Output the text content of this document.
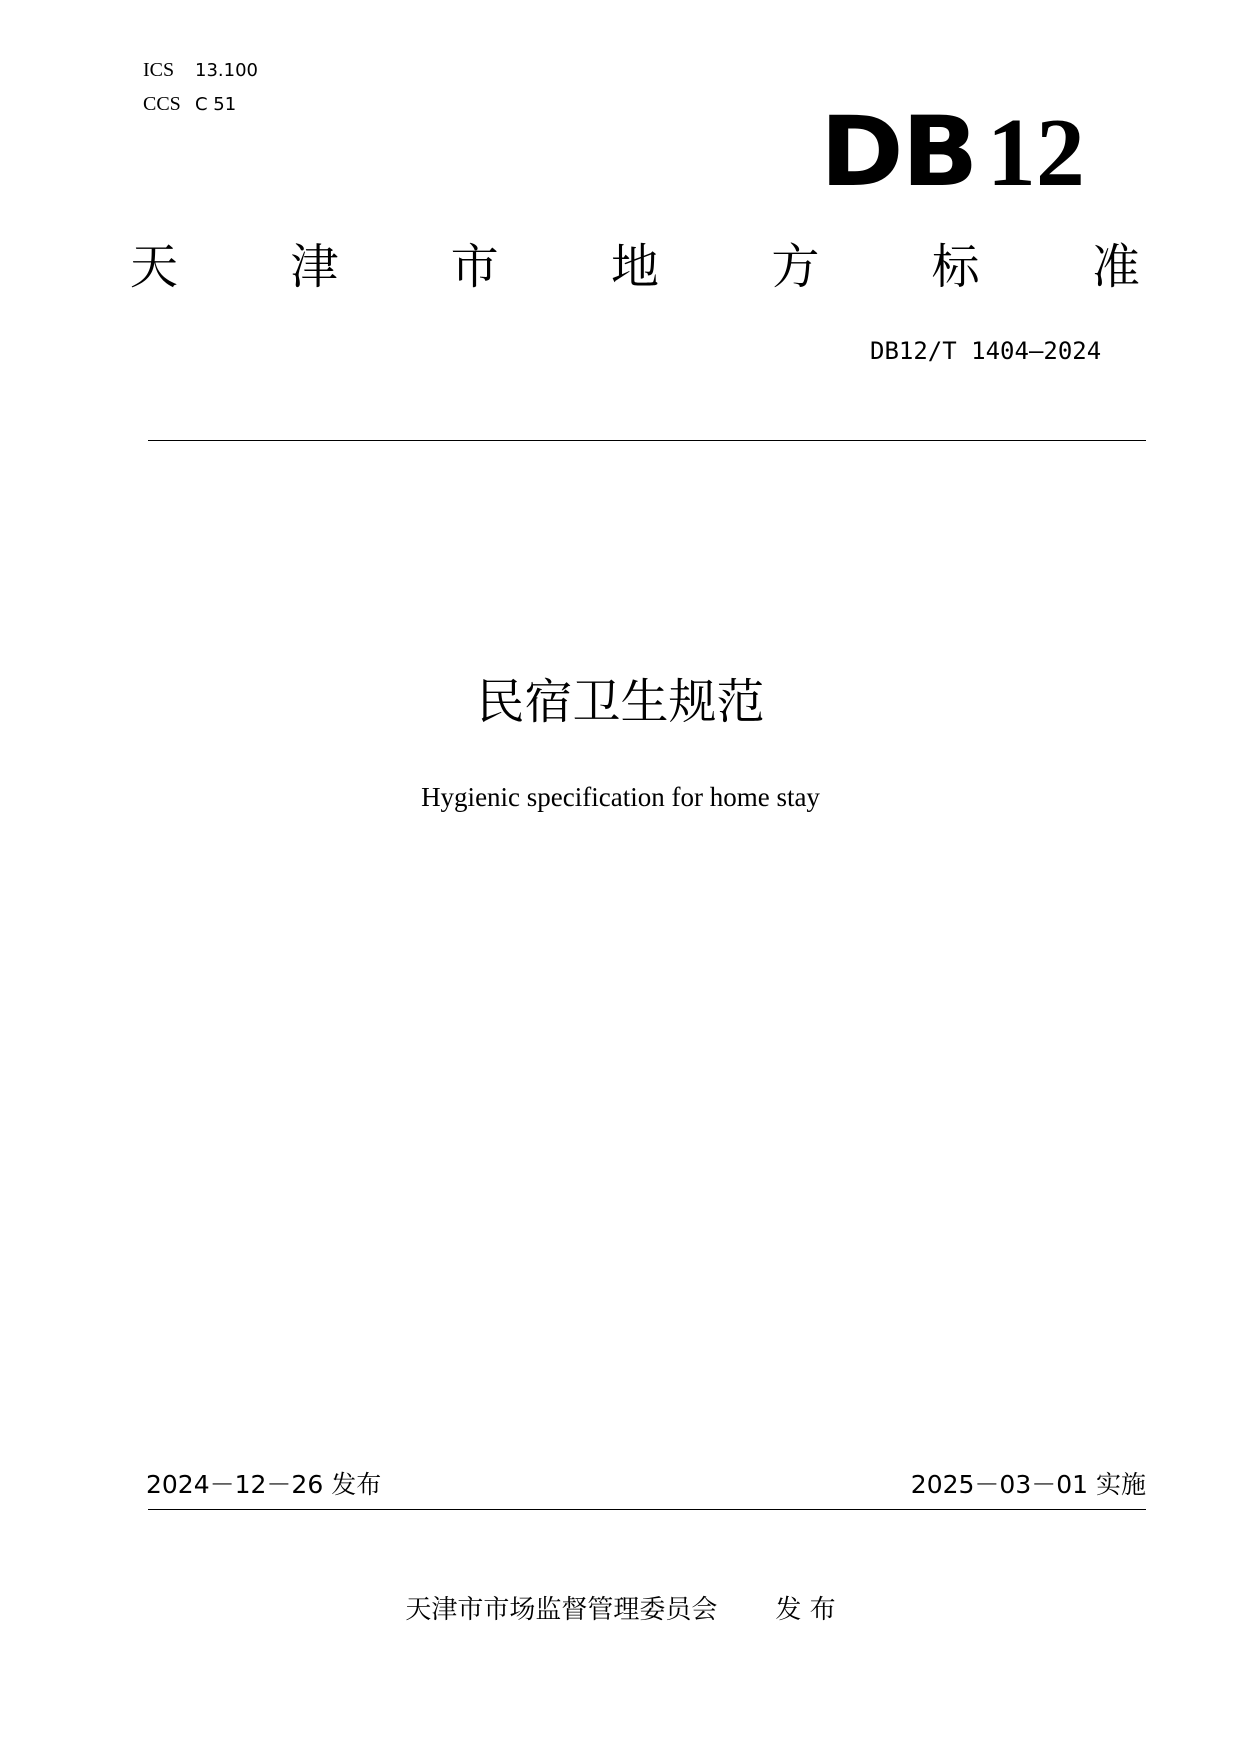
ICS 13.100
CCS C 51	DB 12
天 津 市 地 方 标 准
DB12/T 1404—2024
民宿卫生规范
Hygienic specification for home stay
2024－12－26 发布	2025－03－01 实施
天津市市场监督管理委员会 发 布
